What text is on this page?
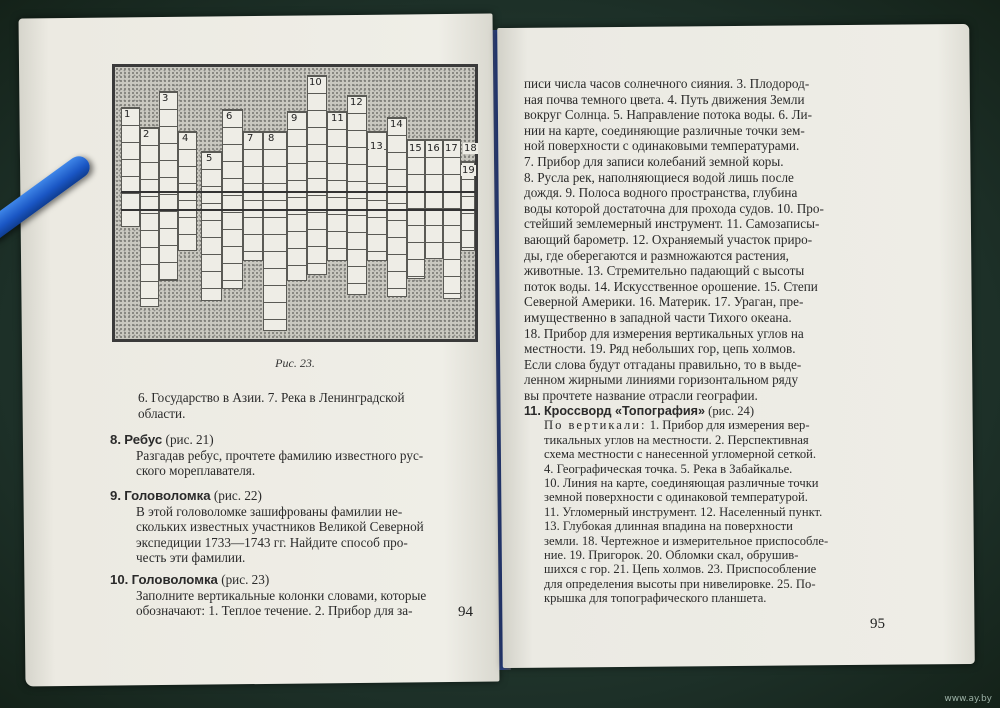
1
2
3
4
5
6
7 8
9
10
11
12
13
14
15 16 17 18
19
Рис. 23.

6. Государство в Азии. 7. Река в Ленинградской

области.

8. Ребус (рис. 21)

Разгадав ребус, прочтете фамилию известного рус-

ского мореплавателя.

9. Головоломка (рис. 22)

В этой головоломке зашифрованы фамилии не-

скольких известных участников Великой Северной

экспедиции 1733—1743 гг. Найдите способ про-

честь эти фамилии.

10. Головоломка (рис. 23)

Заполните вертикальные колонки словами, которые

обозначают: 1. Теплое течение. 2. Прибор для за-	94

писи числа часов солнечного сияния. 3. Плодород-

ная почва темного цвета. 4. Путь движения Земли

вокруг Солнца. 5. Направление потока воды. 6. Ли-

нии на карте, соединяющие различные точки зем-

ной поверхности с одинаковыми температурами.

7. Прибор для записи колебаний земной коры.

8. Русла рек, наполняющиеся водой лишь после

дождя. 9. Полоса водного пространства, глубина

воды которой достаточна для прохода судов. 10. Про-

стейший землемерный инструмент. 11. Самозаписы-

вающий барометр. 12. Охраняемый участок приро-

ды, где оберегаются и размножаются растения,

животные. 13. Стремительно падающий с высоты

поток воды. 14. Искусственное орошение. 15. Степи

Северной Америки. 16. Материк. 17. Ураган, пре-

имущественно в западной части Тихого океана.

18. Прибор для измерения вертикальных углов на

местности. 19. Ряд небольших гор, цепь холмов.

Если слова будут отгаданы правильно, то в выде-

ленном жирными линиями горизонтальном ряду

вы прочтете название отрасли географии.

11. Кроссворд «Топография» (рис. 24)

По вертикали: 1. Прибор для измерения вер-

тикальных углов на местности. 2. Перспективная

схема местности с нанесенной угломерной сеткой.

4. Географическая точка. 5. Река в Забайкалье.

10. Линия на карте, соединяющая различные точки

земной поверхности с одинаковой температурой.

11. Угломерный инструмент. 12. Населенный пункт.

13. Глубокая длинная впадина на поверхности

земли. 18. Чертежное и измерительное приспособле-

ние. 19. Пригорок. 20. Обломки скал, обрушив-

шихся с гор. 21. Цепь холмов. 23. Приспособление

для определения высоты при нивелировке. 25. По-

крышка для топографического планшета.

95
www.ay.by
